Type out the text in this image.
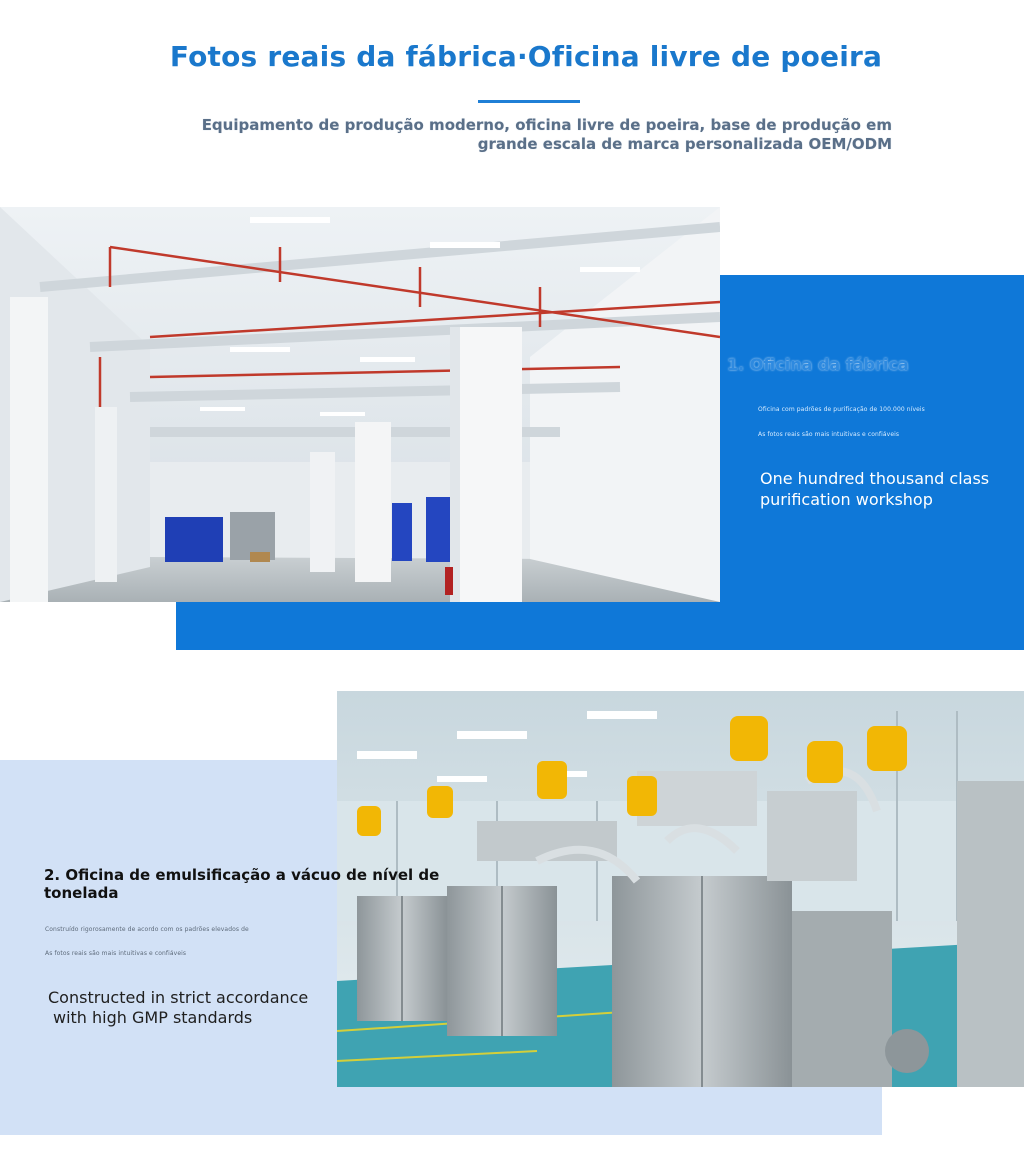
Fotos reais da fábrica·Oficina livre de poeira
Equipamento de produção moderno, oficina livre de poeira, base de produção em grande escala de marca personalizada OEM/ODM
1. Oficina da fábrica
Oficina com padrões de purificação de 100.000 níveis
As fotos reais são mais intuitivas e confiáveis
One hundred thousand class
purification workshop
2. Oficina de emulsificação a vácuo de nível de tonelada
Construído rigorosamente de acordo com os padrões elevados de
As fotos reais são mais intuitivas e confiáveis
Constructed in strict accordance
with high GMP standards
